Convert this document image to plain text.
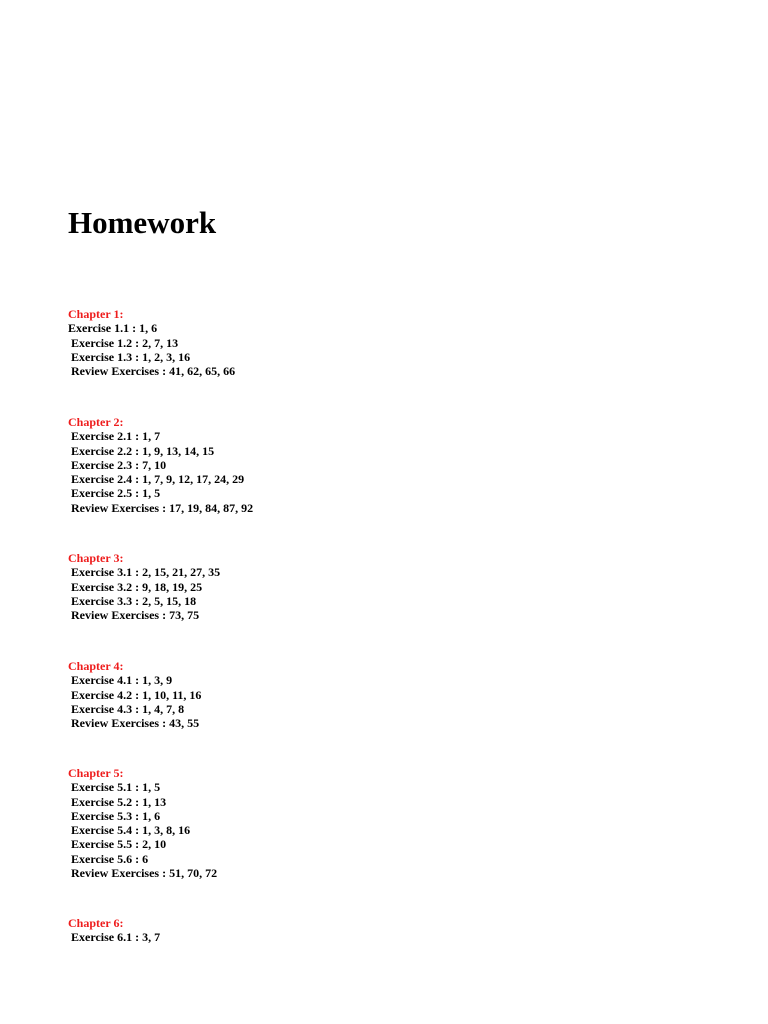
Homework
Chapter 1:
Exercise 1.1 : 1, 6
Exercise 1.2 : 2, 7, 13
Exercise 1.3 : 1, 2, 3, 16
Review Exercises : 41, 62, 65, 66
Chapter 2:
Exercise 2.1 : 1, 7
Exercise 2.2 : 1, 9, 13, 14, 15
Exercise 2.3 : 7, 10
Exercise 2.4 : 1, 7, 9, 12, 17, 24, 29
Exercise 2.5 : 1, 5
Review Exercises : 17, 19, 84, 87, 92
Chapter 3:
Exercise 3.1 : 2, 15, 21, 27, 35
Exercise 3.2 : 9, 18, 19, 25
Exercise 3.3 : 2, 5, 15, 18
Review Exercises : 73, 75
Chapter 4:
Exercise 4.1 : 1, 3, 9
Exercise 4.2 : 1, 10, 11, 16
Exercise 4.3 : 1, 4, 7, 8
Review Exercises : 43, 55
Chapter 5:
Exercise 5.1 : 1, 5
Exercise 5.2 : 1, 13
Exercise 5.3 : 1, 6
Exercise 5.4 : 1, 3, 8, 16
Exercise 5.5 : 2, 10
Exercise 5.6 : 6
Review Exercises : 51, 70, 72
Chapter 6:
Exercise 6.1 : 3, 7
